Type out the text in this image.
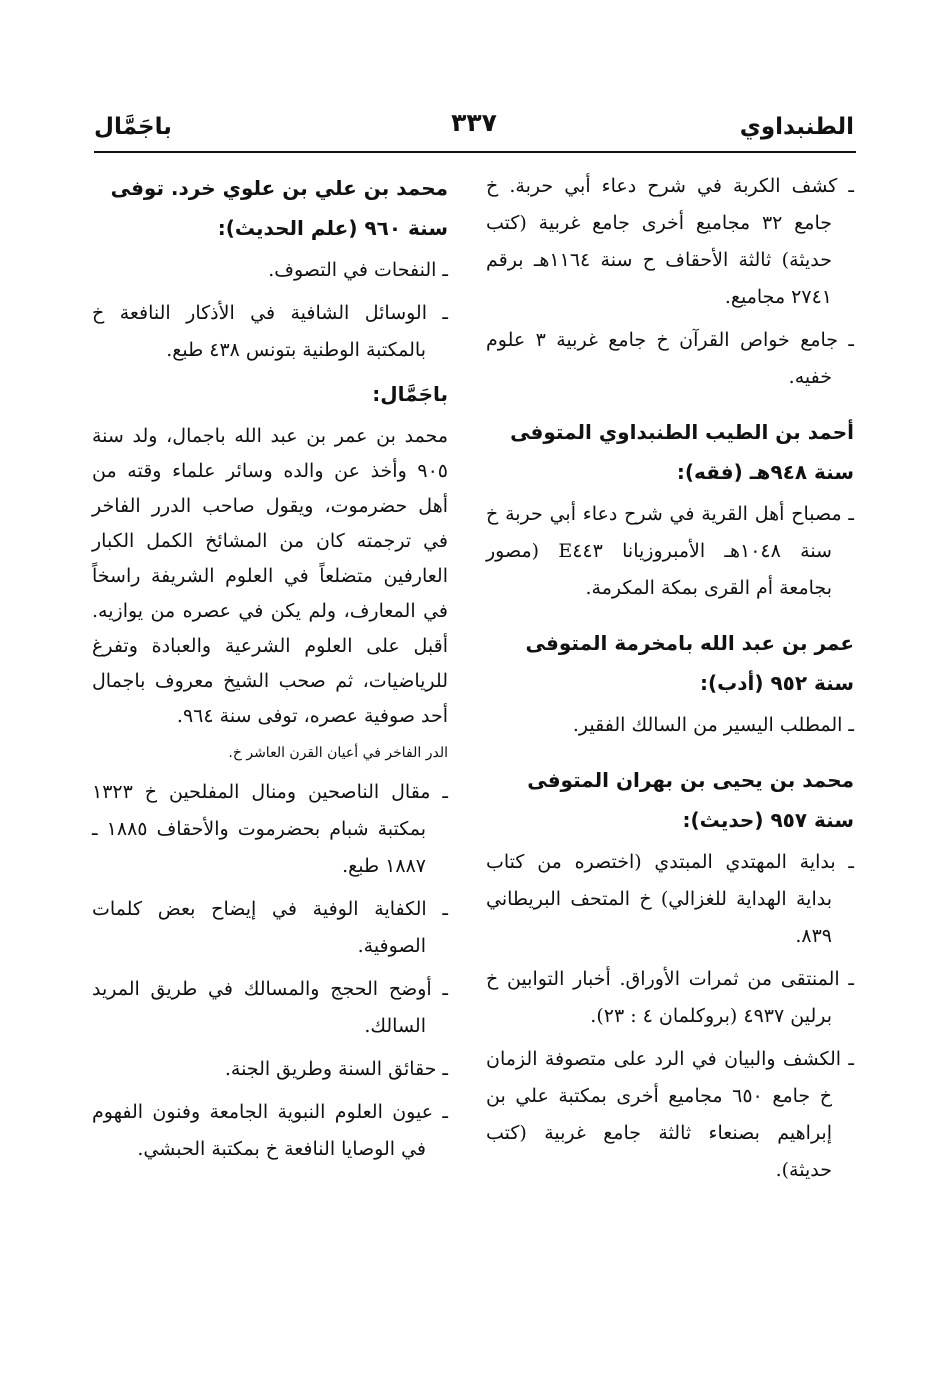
الطنبداوي
٣٣٧
باجَمَّال

ـ كشف الكربة في شرح دعاء أبي حربة. خ جامع ٣٢ مجاميع أخرى جامع غربية (كتب حديثة) ثالثة الأحقاف ح سنة ١١٦٤هـ برقم ٢٧٤١ مجاميع.

ـ جامع خواص القرآن خ جامع غربية ٣ علوم خفيه.

أحمد بن الطيب الطنبداوي المتوفى سنة ٩٤٨هـ (فقه):

ـ مصباح أهل القرية في شرح دعاء أبي حربة خ سنة ١٠٤٨هـ الأمبروزيانا E٤٤٣ (مصور بجامعة أم القرى بمكة المكرمة.

عمر بن عبد الله بامخرمة المتوفى سنة ٩٥٢ (أدب):

ـ المطلب اليسير من السالك الفقير.

محمد بن يحيى بن بهران المتوفى سنة ٩٥٧ (حديث):

ـ بداية المهتدي المبتدي (اختصره من كتاب بداية الهداية للغزالي) خ المتحف البريطاني ٨٣٩.

ـ المنتقى من ثمرات الأوراق. أخبار التوابين خ برلين ٤٩٣٧ (بروكلمان ٤ : ٢٣).

ـ الكشف والبيان في الرد على متصوفة الزمان خ جامع ٦٥٠ مجاميع أخرى بمكتبة علي بن إبراهيم بصنعاء ثالثة جامع غربية (كتب حديثة).

محمد بن علي بن علوي خرد. توفى سنة ٩٦٠ (علم الحديث):

ـ النفحات في التصوف.

ـ الوسائل الشافية في الأذكار النافعة خ بالمكتبة الوطنية بتونس ٤٣٨ طبع.

باجَمَّال:

محمد بن عمر بن عبد الله باجمال، ولد سنة ٩٠٥ وأخذ عن والده وسائر علماء وقته من أهل حضرموت، ويقول صاحب الدرر الفاخر في ترجمته كان من المشائخ الكمل الكبار العارفين متضلعاً في العلوم الشريفة راسخاً في المعارف، ولم يكن في عصره من يوازيه. أقبل على العلوم الشرعية والعبادة وتفرغ للرياضيات، ثم صحب الشيخ معروف باجمال أحد صوفية عصره، توفى سنة ٩٦٤.

الدر الفاخر في أعيان القرن العاشر خ.

ـ مقال الناصحين ومنال المفلحين خ ١٣٢٣ بمكتبة شبام بحضرموت والأحقاف ١٨٨٥ ـ ١٨٨٧ طبع.

ـ الكفاية الوفية في إيضاح بعض كلمات الصوفية.

ـ أوضح الحجج والمسالك في طريق المريد السالك.

ـ حقائق السنة وطريق الجنة.

ـ عيون العلوم النبوية الجامعة وفنون الفهوم في الوصايا النافعة خ بمكتبة الحبشي.
